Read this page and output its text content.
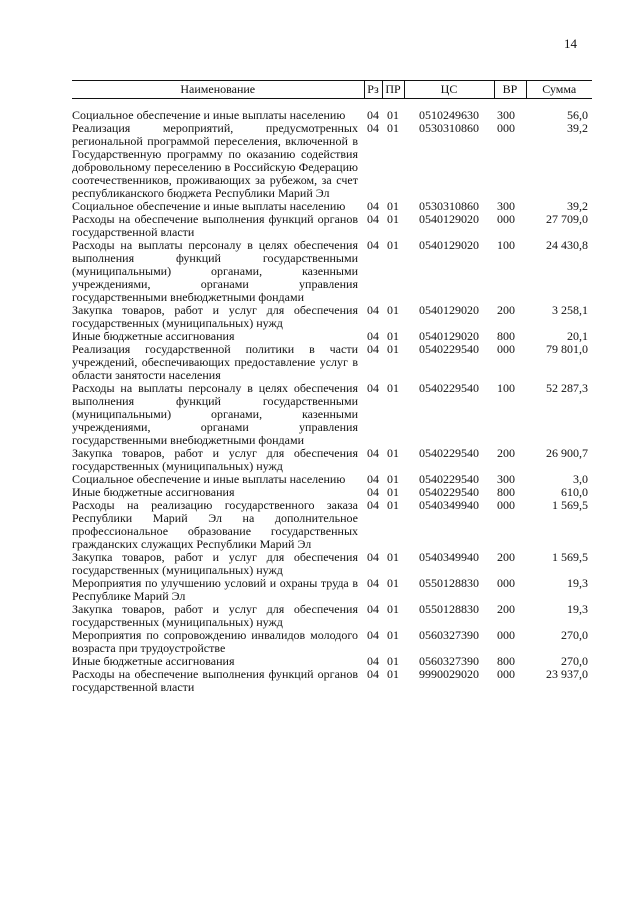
14
Наименование	Рз	ПР	ЦС	ВР	Сумма
Социальное обеспечение и иные выплаты населению	04	01	0510249630	300	56,0
Реализация мероприятий, предусмотренных региональной программой переселения, включенной в Государственную программу по оказанию содействия добровольному переселению в Российскую Федерацию соотечественников, проживающих за рубежом, за счет республиканского бюджета Республики Марий Эл	04	01	0530310860	000	39,2
Социальное обеспечение и иные выплаты населению	04	01	0530310860	300	39,2
Расходы на обеспечение выполнения функций органов государственной власти	04	01	0540129020	000	27 709,0
Расходы на выплаты персоналу в целях обеспечения выполнения функций государственными (муниципальными) органами, казенными учреждениями, органами управления государственными внебюджетными фондами	04	01	0540129020	100	24 430,8
Закупка товаров, работ и услуг для обеспечения государственных (муниципальных) нужд	04	01	0540129020	200	3 258,1
Иные бюджетные ассигнования	04	01	0540129020	800	20,1
Реализация государственной политики в части учреждений, обеспечивающих предоставление услуг в области занятости населения	04	01	0540229540	000	79 801,0
Расходы на выплаты персоналу в целях обеспечения выполнения функций государственными (муниципальными) органами, казенными учреждениями, органами управления государственными внебюджетными фондами	04	01	0540229540	100	52 287,3
Закупка товаров, работ и услуг для обеспечения государственных (муниципальных) нужд	04	01	0540229540	200	26 900,7
Социальное обеспечение и иные выплаты населению	04	01	0540229540	300	3,0
Иные бюджетные ассигнования	04	01	0540229540	800	610,0
Расходы на реализацию государственного заказа Республики Марий Эл на дополнительное профессиональное образование государственных гражданских служащих Республики Марий Эл	04	01	0540349940	000	1 569,5
Закупка товаров, работ и услуг для обеспечения государственных (муниципальных) нужд	04	01	0540349940	200	1 569,5
Мероприятия по улучшению условий и охраны труда в Республике Марий Эл	04	01	0550128830	000	19,3
Закупка товаров, работ и услуг для обеспечения государственных (муниципальных) нужд	04	01	0550128830	200	19,3
Мероприятия по сопровождению инвалидов молодого возраста при трудоустройстве	04	01	0560327390	000	270,0
Иные бюджетные ассигнования	04	01	0560327390	800	270,0
Расходы на обеспечение выполнения функций органов государственной власти	04	01	9990029020	000	23 937,0
